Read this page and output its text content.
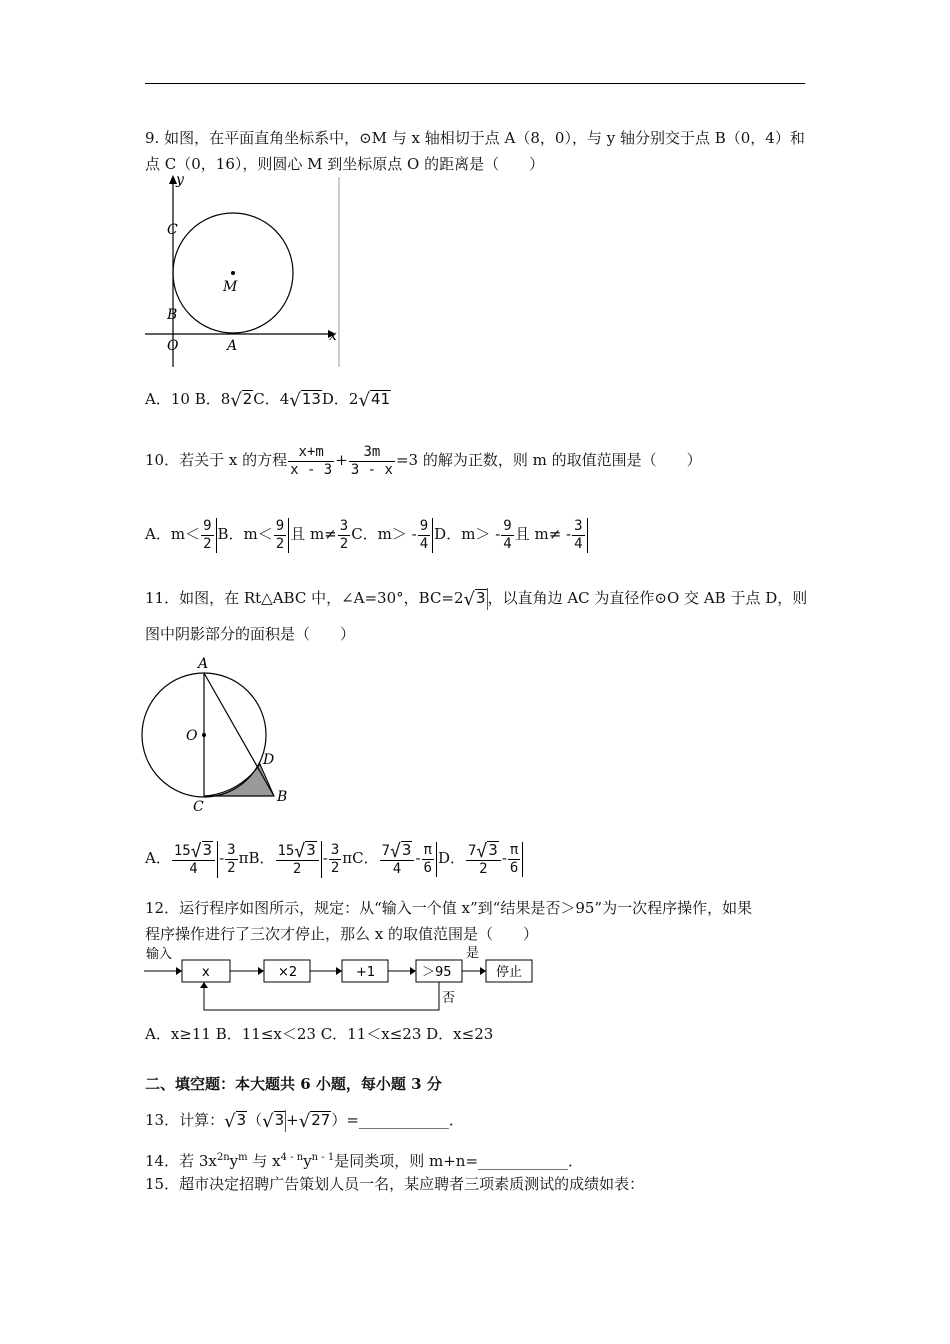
9. 如图，在平面直角坐标系中，⊙M 与 x 轴相切于点 A（8，0），与 y 轴分别交于点 B（0，4）和
点 C（0，16），则圆心 M 到坐标原点 O 的距离是（　　）
y
x
C
M
B
O	A
A．10 B．8√2C．4√13D．2√41
10．若关于 x 的方程 $\frac{x+m}{x - 3} + \frac{3m}{3 - x} =3$ 的解为正数，则 m 的取值范围是（　　）
A．$m< \frac{9}{2}$ B．$m< \frac{9}{2}$ 且 $m\ne \frac{3}{2}$ C．$m> - \frac{9}{4}$ D．$m> - \frac{9}{4}$ 且 $m\ne - \frac{3}{4}$
11．如图，在 Rt△ABC 中，∠A=30°，BC=2√3 ，以直角边 AC 为直径作⊙O 交 AB 于点 D，则
图中阴影部分的面积是（　　）
A
O
D
C
B
A． $\frac{15√3}{4} - \frac{3}{2}$ πB． $\frac{15√3}{2} - \frac{3}{2}$ πC． $\frac{7√3}{4} - \frac{\pi}{6}$ D． $\frac{7√3}{2} - \frac{\pi}{6}$
12．运行程序如图所示，规定：从“输入一个值 x”到“结果是否＞95”为一次程序操作，如果
程序操作进行了三次才停止，那么 x 的取值范围是（　　）
输入
x	×2	+1	＞95
是
停止
否
A．x≥11 B．11≤x＜23 C．11＜x≤23 D．x≤23
二、填空题：本大题共 6 小题，每小题 3 分
13．计算：√3（√3 +√27）=____________．
14．若 $3x^{2n}y^m$ 与 $x^{4 - n}y^{n - 1}$是同类项，则 m+n=____________．
15．超市决定招聘广告策划人员一名，某应聘者三项素质测试的成绩如表：
